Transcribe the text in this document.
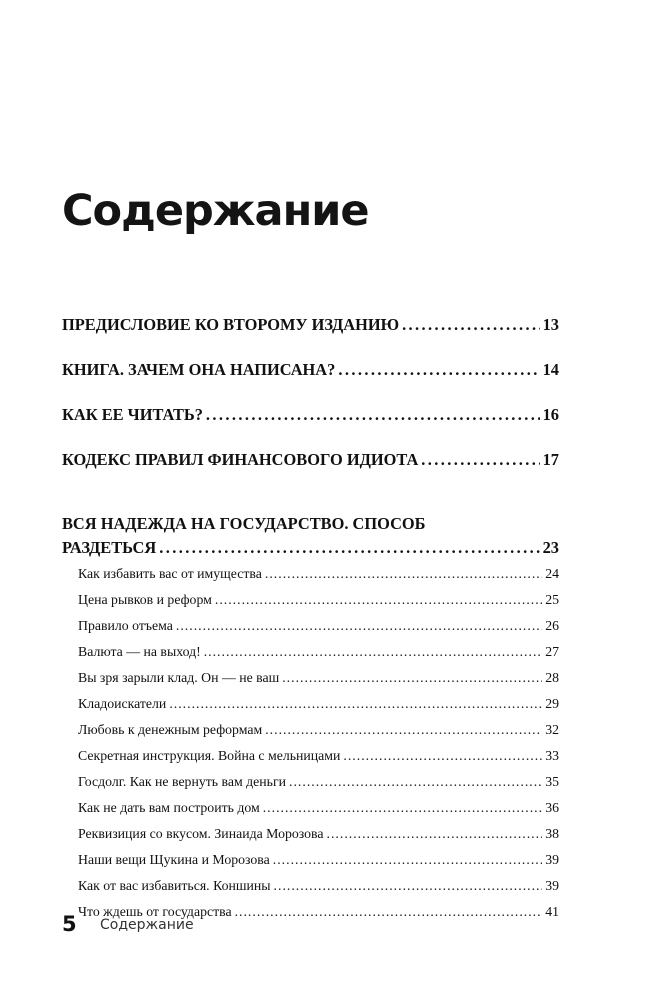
Содержание
ПРЕДИСЛОВИЕ КО ВТОРОМУ ИЗДАНИЮ .....	13
КНИГА. ЗАЧЕМ ОНА НАПИСАНА? .....	14
КАК ЕЕ ЧИТАТЬ? .....	16
КОДЕКС ПРАВИЛ ФИНАНСОВОГО ИДИОТА .....	17
ВСЯ НАДЕЖДА НА ГОСУДАРСТВО. СПОСОБ
РАЗДЕТЬСЯ .....	23
Как избавить вас от имущества .....	24
Цена рывков и реформ .....	25
Правило отъема .....	26
Валюта — на выход! .....	27
Вы зря зарыли клад. Он — не ваш .....	28
Кладоискатели .....	29
Любовь к денежным реформам .....	32
Секретная инструкция. Война с мельницами .....	33
Госдолг. Как не вернуть вам деньги .....	35
Как не дать вам построить дом .....	36
Реквизиция со вкусом. Зинаида Морозова .....	38
Наши вещи Щукина и Морозова .....	39
Как от вас избавиться. Коншины .....	39
Что ждешь от государства .....	41
5 Содержание
